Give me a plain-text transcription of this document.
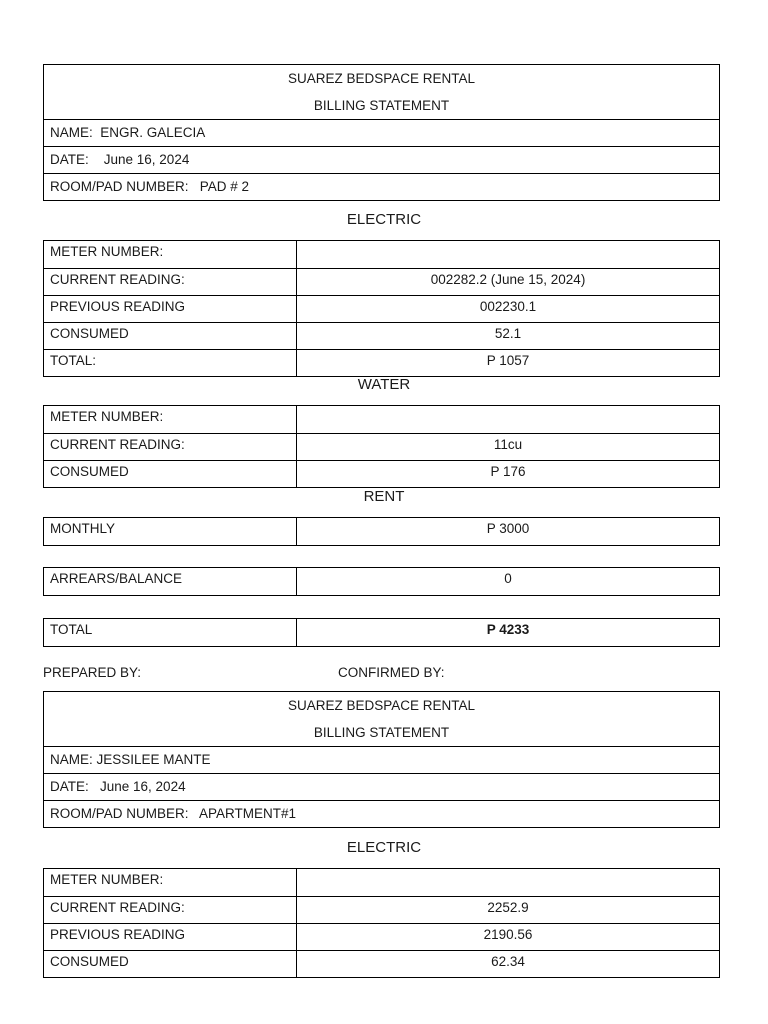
SUAREZ BEDSPACE RENTAL
BILLING STATEMENT
NAME:  ENGR. GALECIA
DATE:    June 16, 2024
ROOM/PAD NUMBER:   PAD # 2
ELECTRIC
METER NUMBER:
CURRENT READING:	002282.2 (June 15, 2024)
PREVIOUS READING	002230.1
CONSUMED	52.1
TOTAL:	P 1057
WATER
METER NUMBER:
CURRENT READING:	11cu
CONSUMED	P 176
RENT
MONTHLY	P 3000
ARREARS/BALANCE	0
TOTAL	P 4233
PREPARED BY:	CONFIRMED BY:
SUAREZ BEDSPACE RENTAL
BILLING STATEMENT
NAME: JESSILEE MANTE
DATE:   June 16, 2024
ROOM/PAD NUMBER:   APARTMENT#1
ELECTRIC
METER NUMBER:
CURRENT READING:	2252.9
PREVIOUS READING	2190.56
CONSUMED	62.34
